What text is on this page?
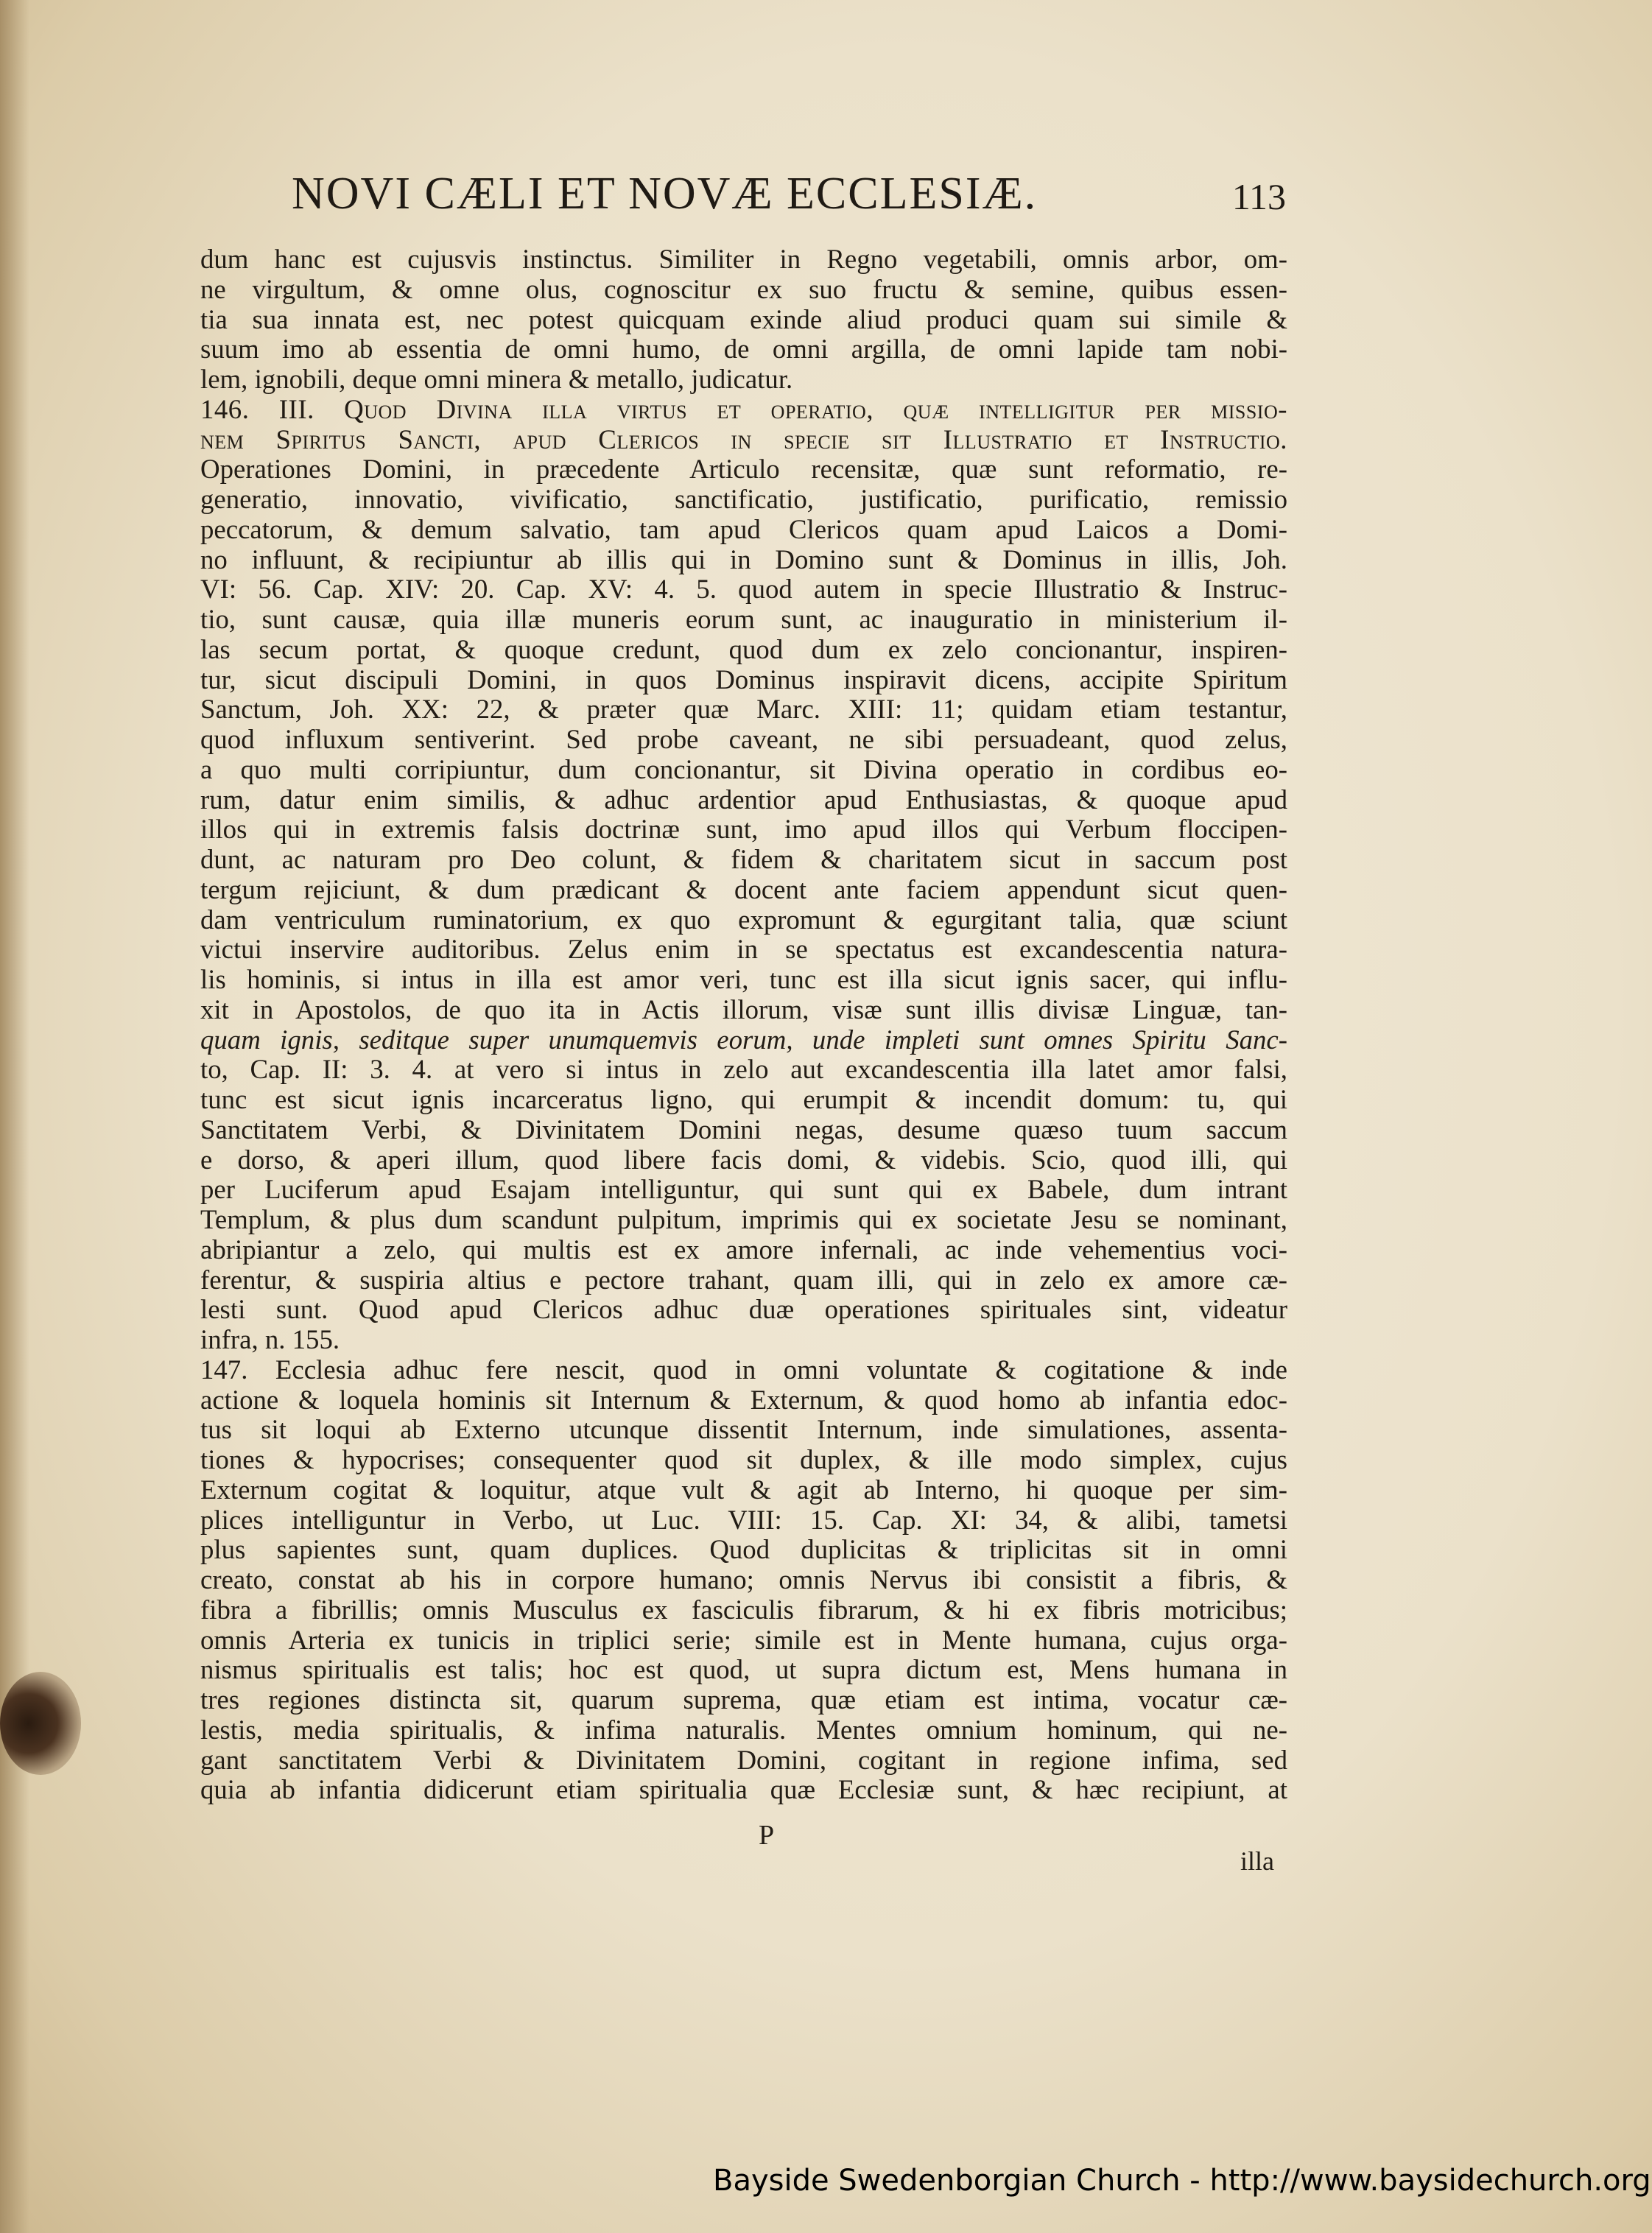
NOVI CÆLI ET NOVÆ ECCLESIÆ.	113
dum hanc est cujusvis instinctus. Similiter in Regno vegetabili, omnis arbor, om-
ne virgultum, & omne olus, cognoscitur ex suo fructu & semine, quibus essen-
tia sua innata est, nec potest quicquam exinde aliud produci quam sui simile &
suum imo ab essentia de omni humo, de omni argilla, de omni lapide tam nobi-
lem, ignobili, deque omni minera & metallo, judicatur.
146. III. Quod Divina illa virtus et operatio, quæ intelligitur per missio-
nem Spiritus Sancti, apud Clericos in specie sit Illustratio et Instructio.
Operationes Domini, in præcedente Articulo recensitæ, quæ sunt reformatio, re-
generatio, innovatio, vivificatio, sanctificatio, justificatio, purificatio, remissio
peccatorum, & demum salvatio, tam apud Clericos quam apud Laicos a Domi-
no influunt, & recipiuntur ab illis qui in Domino sunt & Dominus in illis, Joh.
VI: 56. Cap. XIV: 20. Cap. XV: 4. 5. quod autem in specie Illustratio & Instruc-
tio, sunt causæ, quia illæ muneris eorum sunt, ac inauguratio in ministerium il-
las secum portat, & quoque credunt, quod dum ex zelo concionantur, inspiren-
tur, sicut discipuli Domini, in quos Dominus inspiravit dicens, accipite Spiritum
Sanctum, Joh. XX: 22, & præter quæ Marc. XIII: 11; quidam etiam testantur,
quod influxum sentiverint. Sed probe caveant, ne sibi persuadeant, quod zelus,
a quo multi corripiuntur, dum concionantur, sit Divina operatio in cordibus eo-
rum, datur enim similis, & adhuc ardentior apud Enthusiastas, & quoque apud
illos qui in extremis falsis doctrinæ sunt, imo apud illos qui Verbum floccipen-
dunt, ac naturam pro Deo colunt, & fidem & charitatem sicut in saccum post
tergum rejiciunt, & dum prædicant & docent ante faciem appendunt sicut quen-
dam ventriculum ruminatorium, ex quo expromunt & egurgitant talia, quæ sciunt
victui inservire auditoribus. Zelus enim in se spectatus est excandescentia natura-
lis hominis, si intus in illa est amor veri, tunc est illa sicut ignis sacer, qui influ-
xit in Apostolos, de quo ita in Actis illorum, visæ sunt illis divisæ Linguæ, tan-
quam ignis, seditque super unumquemvis eorum, unde impleti sunt omnes Spiritu Sanc-
to, Cap. II: 3. 4. at vero si intus in zelo aut excandescentia illa latet amor falsi,
tunc est sicut ignis incarceratus ligno, qui erumpit & incendit domum: tu, qui
Sanctitatem Verbi, & Divinitatem Domini negas, desume quæso tuum saccum
e dorso, & aperi illum, quod libere facis domi, & videbis. Scio, quod illi, qui
per Luciferum apud Esajam intelliguntur, qui sunt qui ex Babele, dum intrant
Templum, & plus dum scandunt pulpitum, imprimis qui ex societate Jesu se nominant,
abripiantur a zelo, qui multis est ex amore infernali, ac inde vehementius voci-
ferentur, & suspiria altius e pectore trahant, quam illi, qui in zelo ex amore cæ-
lesti sunt. Quod apud Clericos adhuc duæ operationes spirituales sint, videatur
infra, n. 155.
147. Ecclesia adhuc fere nescit, quod in omni voluntate & cogitatione & inde
actione & loquela hominis sit Internum & Externum, & quod homo ab infantia edoc-
tus sit loqui ab Externo utcunque dissentit Internum, inde simulationes, assenta-
tiones & hypocrises; consequenter quod sit duplex, & ille modo simplex, cujus
Externum cogitat & loquitur, atque vult & agit ab Interno, hi quoque per sim-
plices intelliguntur in Verbo, ut Luc. VIII: 15. Cap. XI: 34, & alibi, tametsi
plus sapientes sunt, quam duplices. Quod duplicitas & triplicitas sit in omni
creato, constat ab his in corpore humano; omnis Nervus ibi consistit a fibris, &
fibra a fibrillis; omnis Musculus ex fasciculis fibrarum, & hi ex fibris motricibus;
omnis Arteria ex tunicis in triplici serie; simile est in Mente humana, cujus orga-
nismus spiritualis est talis; hoc est quod, ut supra dictum est, Mens humana in
tres regiones distincta sit, quarum suprema, quæ etiam est intima, vocatur cæ-
lestis, media spiritualis, & infima naturalis. Mentes omnium hominum, qui ne-
gant sanctitatem Verbi & Divinitatem Domini, cogitant in regione infima, sed
quia ab infantia didicerunt etiam spiritualia quæ Ecclesiæ sunt, & hæc recipiunt, at
P
illa
Bayside Swedenborgian Church - http://www.baysidechurch.org
